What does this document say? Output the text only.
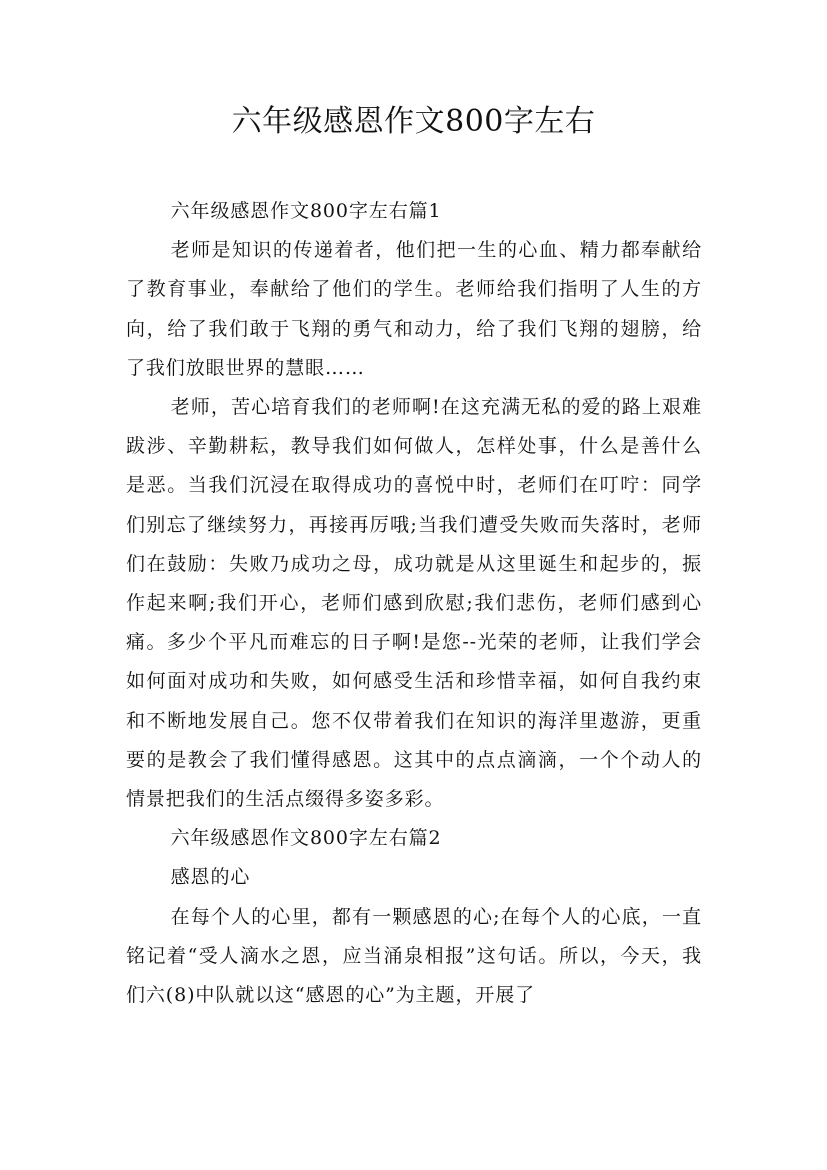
六年级感恩作文800字左右

六年级感恩作文800字左右篇1

老师是知识的传递着者，他们把一生的心血、精力都奉献给了教育事业，奉献给了他们的学生。老师给我们指明了人生的方向，给了我们敢于飞翔的勇气和动力，给了我们飞翔的翅膀，给了我们放眼世界的慧眼……

老师，苦心培育我们的老师啊!在这充满无私的爱的路上艰难跋涉、辛勤耕耘，教导我们如何做人，怎样处事，什么是善什么是恶。当我们沉浸在取得成功的喜悦中时，老师们在叮咛：同学们别忘了继续努力，再接再厉哦;当我们遭受失败而失落时，老师们在鼓励：失败乃成功之母，成功就是从这里诞生和起步的，振作起来啊;我们开心，老师们感到欣慰;我们悲伤，老师们感到心痛。多少个平凡而难忘的日子啊!是您--光荣的老师，让我们学会如何面对成功和失败，如何感受生活和珍惜幸福，如何自我约束和不断地发展自己。您不仅带着我们在知识的海洋里遨游，更重要的是教会了我们懂得感恩。这其中的点点滴滴，一个个动人的情景把我们的生活点缀得多姿多彩。

六年级感恩作文800字左右篇2

感恩的心

在每个人的心里，都有一颗感恩的心;在每个人的心底，一直铭记着“受人滴水之恩，应当涌泉相报”这句话。所以，今天，我们六(8)中队就以这“感恩的心”为主题，开展了
